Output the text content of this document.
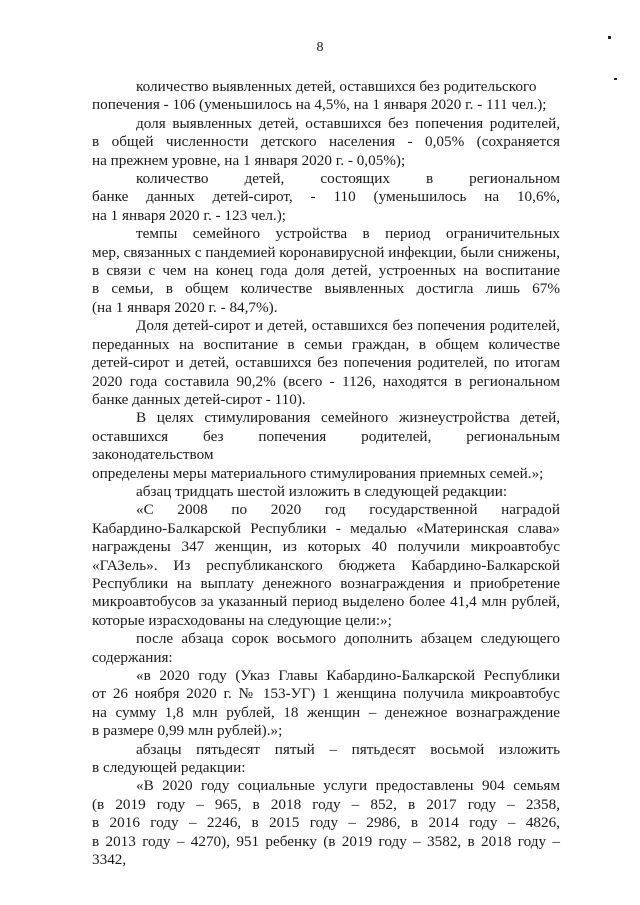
8

количество выявленных детей, оставшихся без родительского
попечения - 106 (уменьшилось на 4,5%, на 1 января 2020 г. - 111 чел.);

доля выявленных детей, оставшихся без попечения родителей,
в общей численности детского населения - 0,05% (сохраняется
на прежнем уровне, на 1 января 2020 г. - 0,05%);

количество детей, состоящих в региональном
банке данных детей-сирот, - 110 (уменьшилось на 10,6%,
на 1 января 2020 г. - 123 чел.);

темпы семейного устройства в период ограничительных
мер, связанных с пандемией коронавирусной инфекции, были снижены,
в связи с чем на конец года доля детей, устроенных на воспитание
в семьи, в общем количестве выявленных достигла лишь 67%
(на 1 января 2020 г. - 84,7%).

Доля детей-сирот и детей, оставшихся без попечения родителей,
переданных на воспитание в семьи граждан, в общем количестве
детей-сирот и детей, оставшихся без попечения родителей, по итогам
2020 года составила 90,2% (всего - 1126, находятся в региональном
банке данных детей-сирот - 110).

В целях стимулирования семейного жизнеустройства детей,
оставшихся без попечения родителей, региональным законодательством
определены меры материального стимулирования приемных семей.»;

абзац тридцать шестой изложить в следующей редакции:

«С 2008 по 2020 год государственной наградой
Кабардино-Балкарской Республики - медалью «Материнская слава»
награждены 347 женщин, из которых 40 получили микроавтобус
«ГАЗель». Из республиканского бюджета Кабардино-Балкарской
Республики на выплату денежного вознаграждения и приобретение
микроавтобусов за указанный период выделено более 41,4 млн рублей,
которые израсходованы на следующие цели:»;

после абзаца сорок восьмого дополнить абзацем следующего
содержания:

«в 2020 году (Указ Главы Кабардино-Балкарской Республики
от 26 ноября 2020 г. № 153-УГ) 1 женщина получила микроавтобус
на сумму 1,8 млн рублей, 18 женщин – денежное вознаграждение
в размере 0,99 млн рублей).»;

абзацы пятьдесят пятый – пятьдесят восьмой изложить
в следующей редакции:

«В 2020 году социальные услуги предоставлены 904 семьям
(в 2019 году – 965, в 2018 году – 852, в 2017 году – 2358,
в 2016 году – 2246, в 2015 году – 2986, в 2014 году – 4826,
в 2013 году – 4270), 951 ребенку (в 2019 году – 3582, в 2018 году – 3342,
